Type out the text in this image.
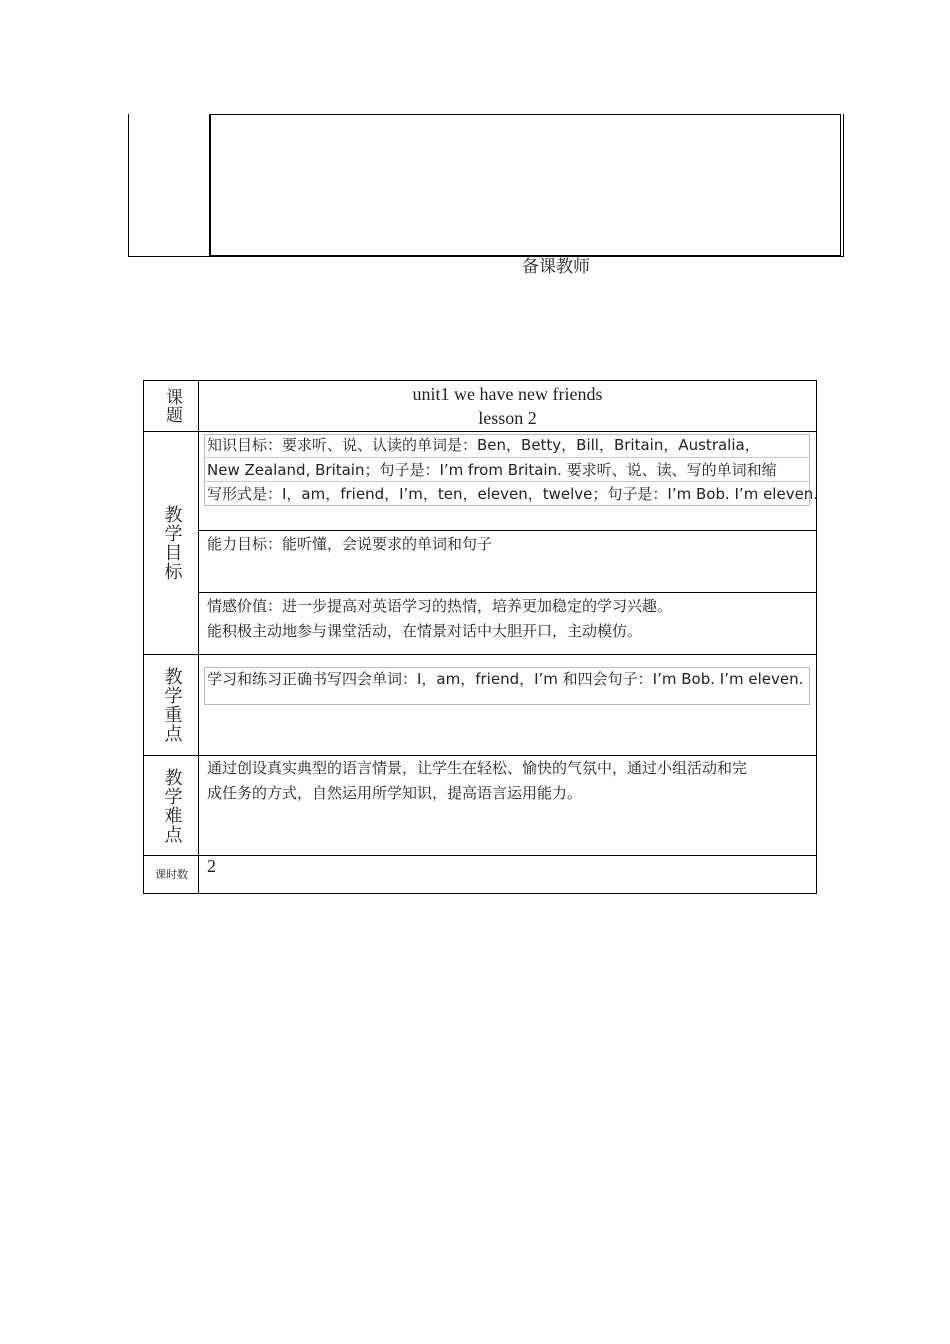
备课教师
课题	unit1 we have new friends
lesson 2
教学目标
知识目标：要求听、说、认读的单词是：Ben，Betty，Bill，Britain，Australia，
New Zealand, Britain；句子是：I’m from Britain. 要求听、说、读、写的单词和缩
写形式是：I，am，friend，I’m，ten，eleven，twelve；句子是：I’m Bob. I’m eleven.
能力目标：能听懂，会说要求的单词和句子
情感价值：进一步提高对英语学习的热情，培养更加稳定的学习兴趣。
能积极主动地参与课堂活动，在情景对话中大胆开口，主动模仿。
教学重点 学习和练习正确书写四会单词：I，am，friend，I’m 和四会句子：I’m Bob. I’m eleven.
教学难点 通过创设真实典型的语言情景，让学生在轻松、愉快的气氛中，通过小组活动和完
成任务的方式，自然运用所学知识，提高语言运用能力。
课时数 2
